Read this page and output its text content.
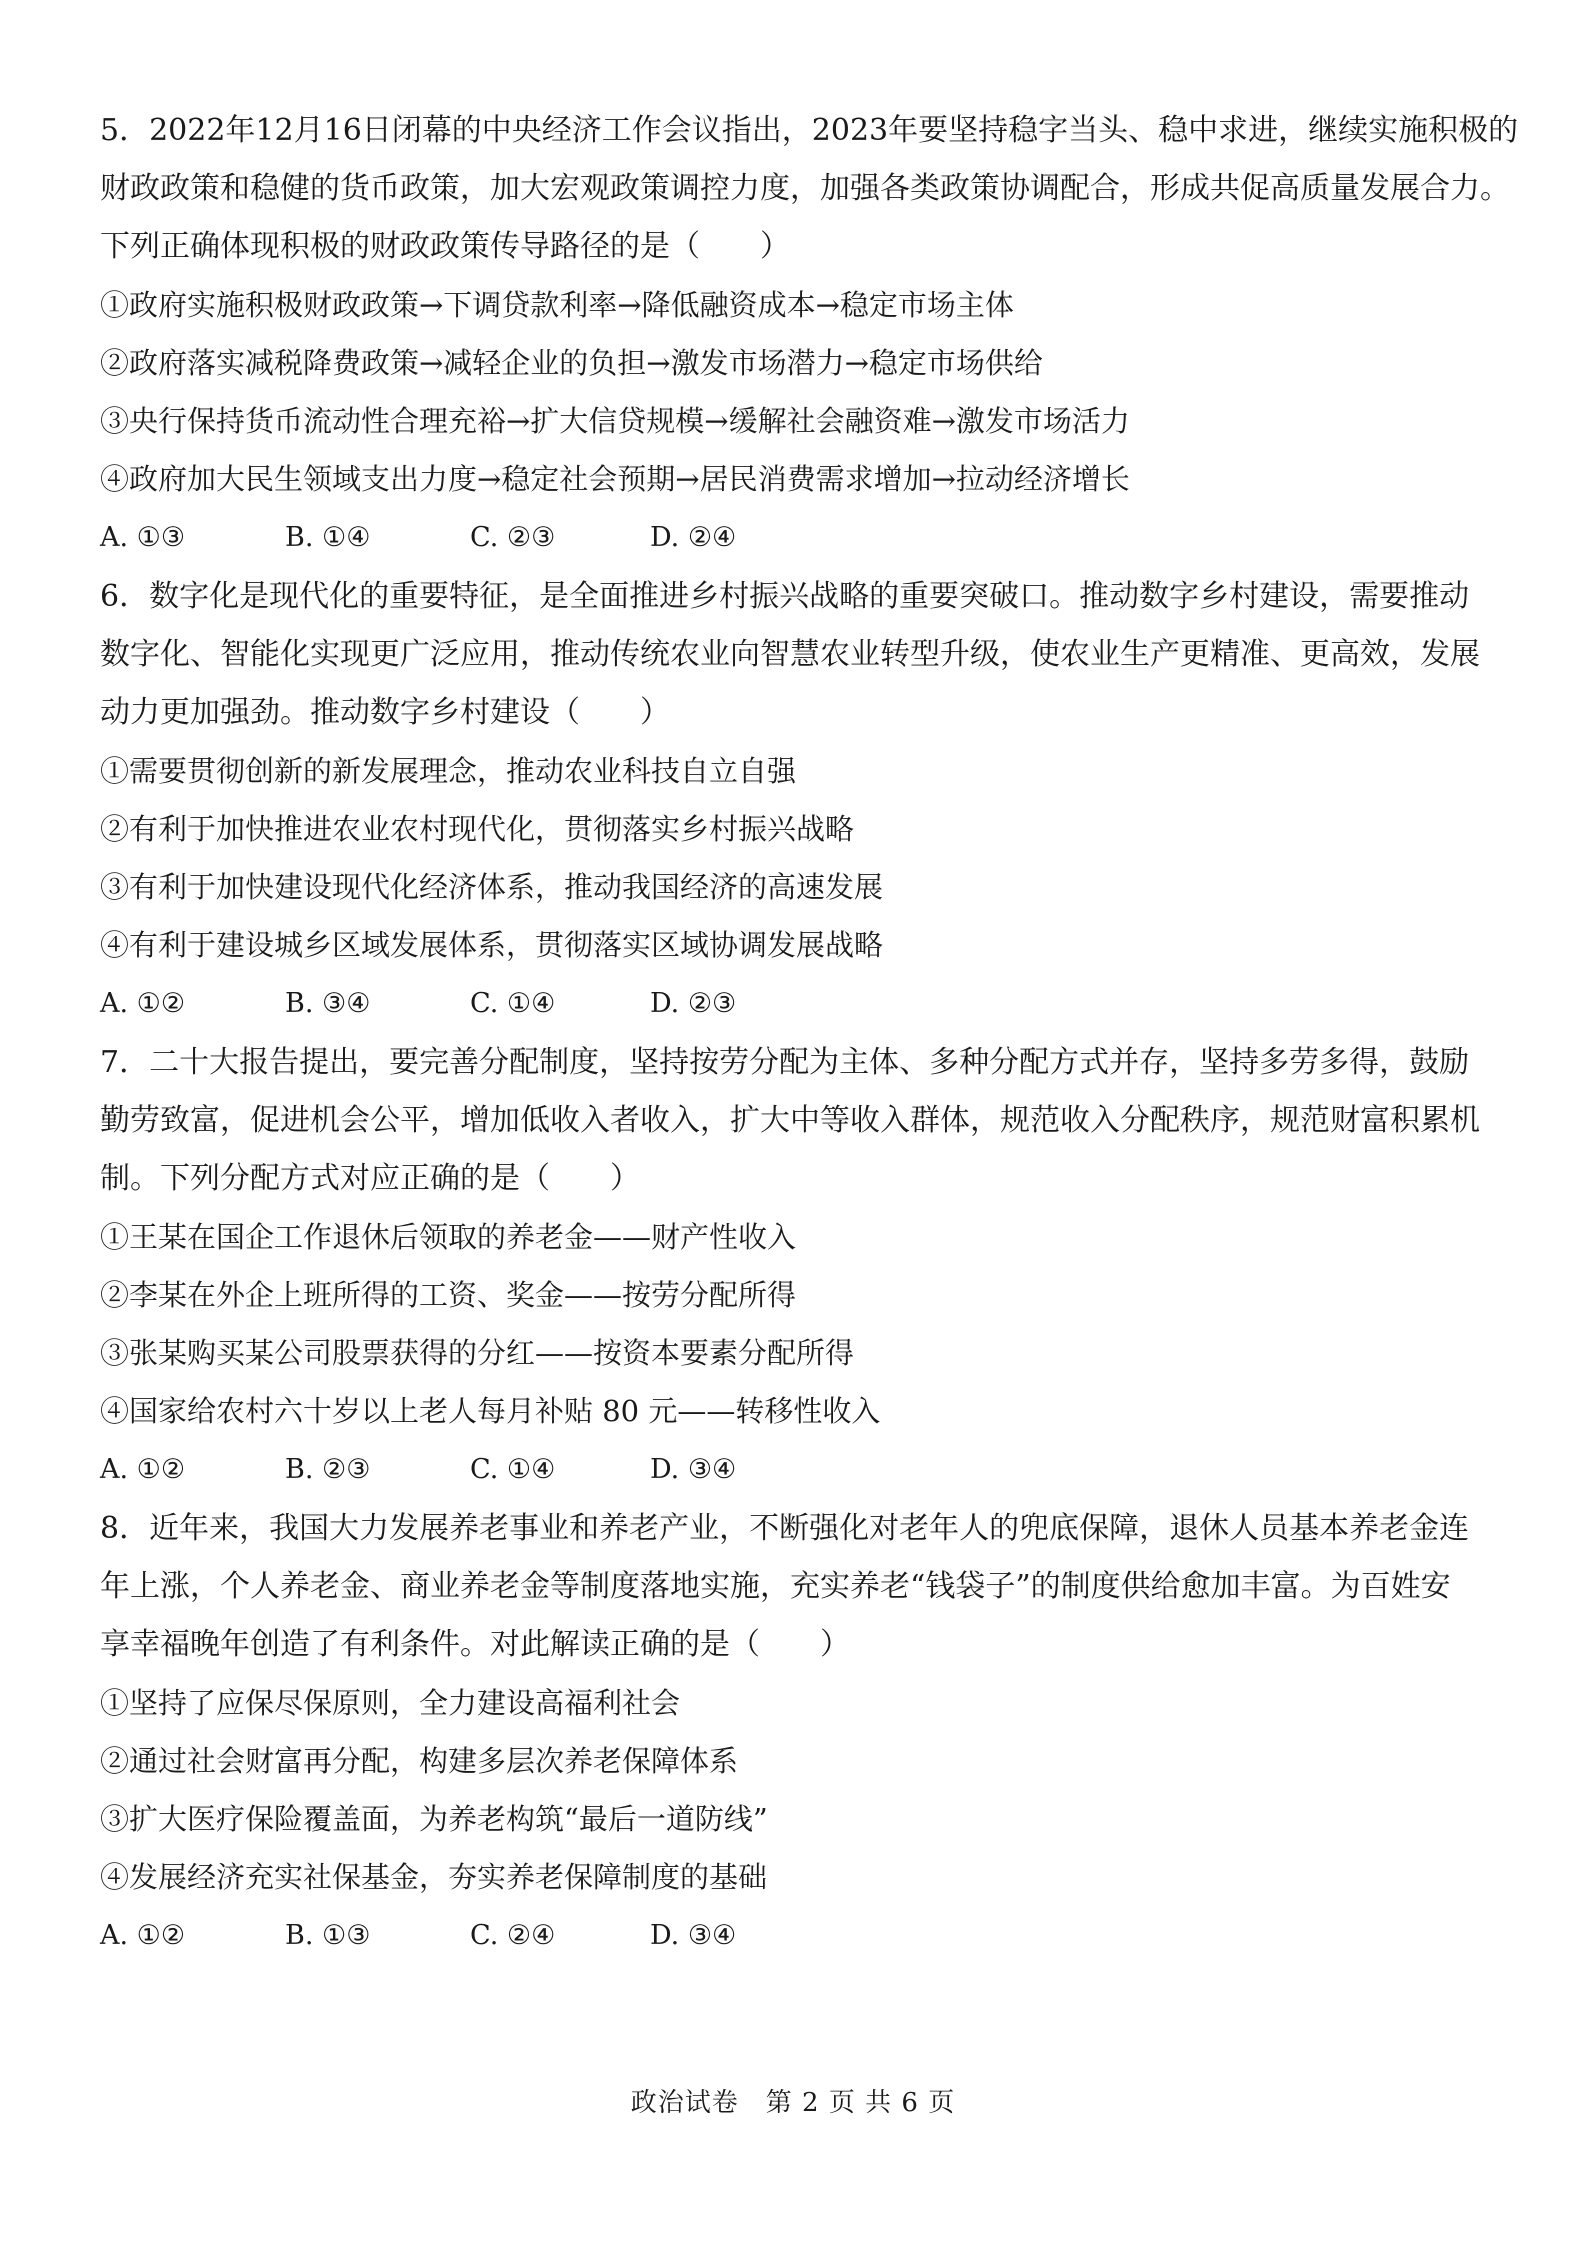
5．2022年12月16日闭幕的中央经济工作会议指出，2023年要坚持稳字当头、稳中求进，继续实施积极的
财政政策和稳健的货币政策，加大宏观政策调控力度，加强各类政策协调配合，形成共促高质量发展合力。
下列正确体现积极的财政政策传导路径的是（　　）
①政府实施积极财政政策→下调贷款利率→降低融资成本→稳定市场主体
②政府落实减税降费政策→减轻企业的负担→激发市场潜力→稳定市场供给
③央行保持货币流动性合理充裕→扩大信贷规模→缓解社会融资难→激发市场活力
④政府加大民生领域支出力度→稳定社会预期→居民消费需求增加→拉动经济增长
A. ①③	B. ①④	C. ②③	D. ②④
6．数字化是现代化的重要特征，是全面推进乡村振兴战略的重要突破口。推动数字乡村建设，需要推动
数字化、智能化实现更广泛应用，推动传统农业向智慧农业转型升级，使农业生产更精准、更高效，发展
动力更加强劲。推动数字乡村建设（　　）
①需要贯彻创新的新发展理念，推动农业科技自立自强
②有利于加快推进农业农村现代化，贯彻落实乡村振兴战略
③有利于加快建设现代化经济体系，推动我国经济的高速发展
④有利于建设城乡区域发展体系，贯彻落实区域协调发展战略
A. ①②	B. ③④	C. ①④	D. ②③
7．二十大报告提出，要完善分配制度，坚持按劳分配为主体、多种分配方式并存，坚持多劳多得，鼓励
勤劳致富，促进机会公平，增加低收入者收入，扩大中等收入群体，规范收入分配秩序，规范财富积累机
制。下列分配方式对应正确的是（　　）
①王某在国企工作退休后领取的养老金——财产性收入
②李某在外企上班所得的工资、奖金——按劳分配所得
③张某购买某公司股票获得的分红——按资本要素分配所得
④国家给农村六十岁以上老人每月补贴 80 元——转移性收入
A. ①②	B. ②③	C. ①④	D. ③④
8．近年来，我国大力发展养老事业和养老产业，不断强化对老年人的兜底保障，退休人员基本养老金连
年上涨，个人养老金、商业养老金等制度落地实施，充实养老“钱袋子”的制度供给愈加丰富。为百姓安
享幸福晚年创造了有利条件。对此解读正确的是（　　）
①坚持了应保尽保原则，全力建设高福利社会
②通过社会财富再分配，构建多层次养老保障体系
③扩大医疗保险覆盖面，为养老构筑“最后一道防线”
④发展经济充实社保基金，夯实养老保障制度的基础
A. ①②	B. ①③	C. ②④	D. ③④
政治试卷　第 2 页 共 6 页
